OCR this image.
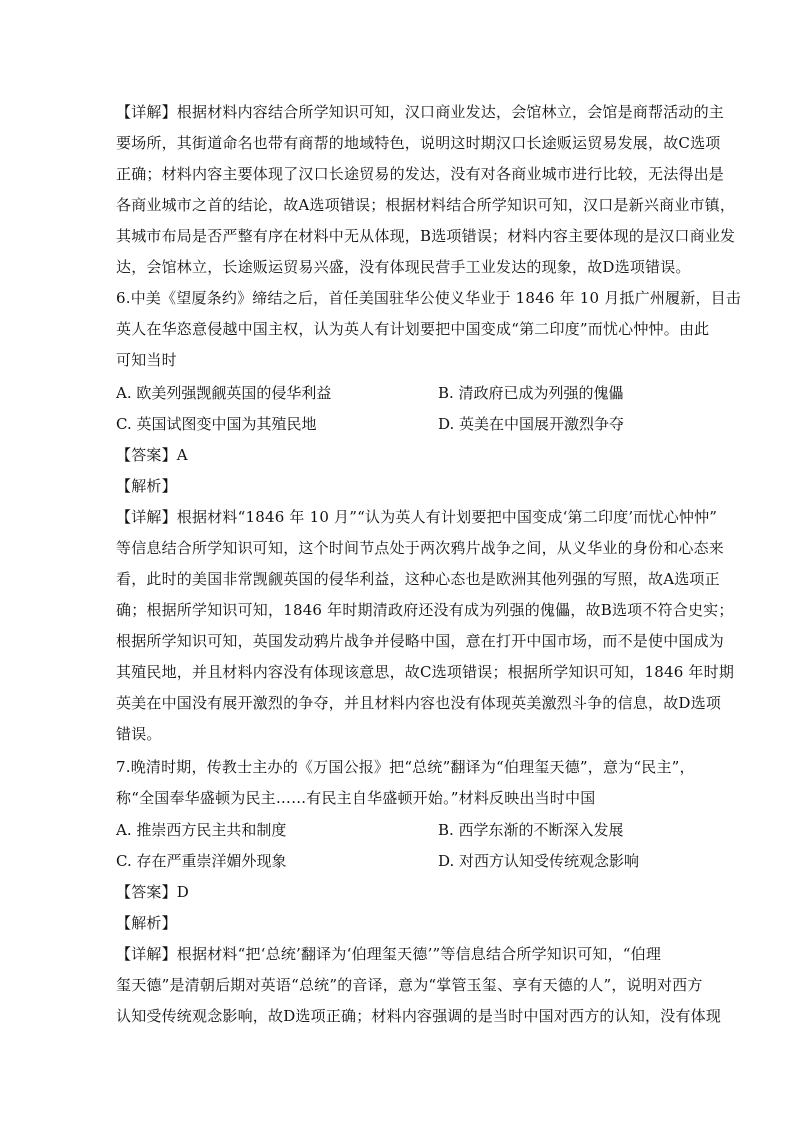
【详解】根据材料内容结合所学知识可知，汉口商业发达，会馆林立，会馆是商帮活动的主
要场所，其街道命名也带有商帮的地域特色，说明这时期汉口长途贩运贸易发展，故C选项
正确；材料内容主要体现了汉口长途贸易的发达，没有对各商业城市进行比较，无法得出是
各商业城市之首的结论，故A选项错误；根据材料结合所学知识可知，汉口是新兴商业市镇，
其城市布局是否严整有序在材料中无从体现，B选项错误；材料内容主要体现的是汉口商业发
达，会馆林立，长途贩运贸易兴盛，没有体现民营手工业发达的现象，故D选项错误。
6.中美《望厦条约》缔结之后，首任美国驻华公使义华业于 1846 年 10 月抵广州履新，目击
英人在华恣意侵越中国主权，认为英人有计划要把中国变成“第二印度”而忧心忡忡。由此
可知当时
A. 欧美列强觊觎英国的侵华利益	B. 清政府已成为列强的傀儡
C. 英国试图变中国为其殖民地	D. 英美在中国展开激烈争夺
【答案】A
【解析】
【详解】根据材料“1846 年 10 月”“认为英人有计划要把中国变成‘第二印度’而忧心忡忡”
等信息结合所学知识可知，这个时间节点处于两次鸦片战争之间，从义华业的身份和心态来
看，此时的美国非常觊觎英国的侵华利益，这种心态也是欧洲其他列强的写照，故A选项正
确；根据所学知识可知，1846 年时期清政府还没有成为列强的傀儡，故B选项不符合史实；
根据所学知识可知，英国发动鸦片战争并侵略中国，意在打开中国市场，而不是使中国成为
其殖民地，并且材料内容没有体现该意思，故C选项错误；根据所学知识可知，1846 年时期
英美在中国没有展开激烈的争夺，并且材料内容也没有体现英美激烈斗争的信息，故D选项
错误。
7.晚清时期，传教士主办的《万国公报》把“总统”翻译为“伯理玺天德”，意为“民主”，
称“全国奉华盛顿为民主……有民主自华盛顿开始。”材料反映出当时中国
A. 推崇西方民主共和制度	B. 西学东渐的不断深入发展
C. 存在严重崇洋媚外现象	D. 对西方认知受传统观念影响
【答案】D
【解析】
【详解】根据材料“把‘总统’翻译为‘伯理玺天德’”等信息结合所学知识可知，“伯理
玺天德”是清朝后期对英语“总统”的音译，意为“掌管玉玺、享有天德的人”，说明对西方
认知受传统观念影响，故D选项正确；材料内容强调的是当时中国对西方的认知，没有体现
